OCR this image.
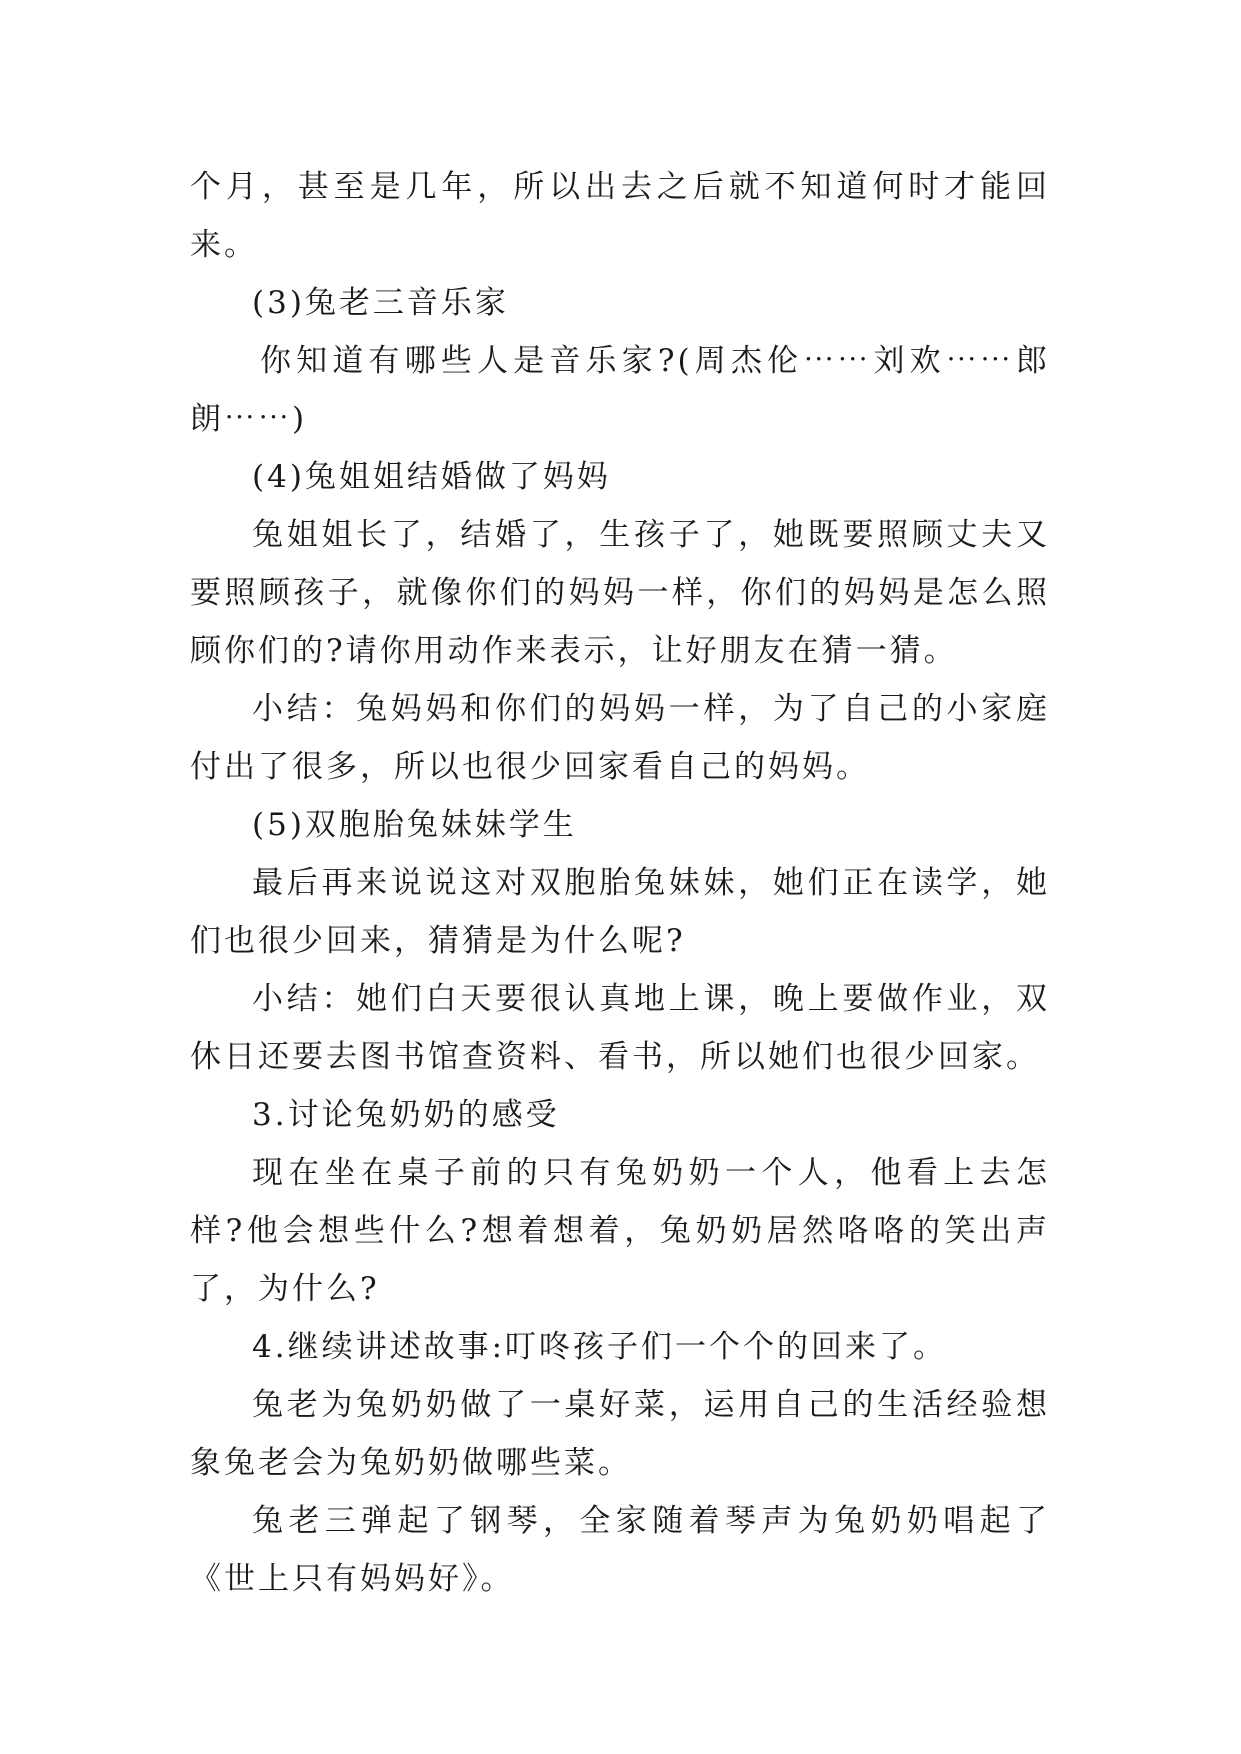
个月，甚至是几年，所以出去之后就不知道何时才能回来。

(3)兔老三音乐家

你知道有哪些人是音乐家?(周杰伦⋯⋯刘欢⋯⋯郎朗⋯⋯)

(4)兔姐姐结婚做了妈妈

兔姐姐长了，结婚了，生孩子了，她既要照顾丈夫又要照顾孩子，就像你们的妈妈一样，你们的妈妈是怎么照顾你们的?请你用动作来表示，让好朋友在猜一猜。

小结：兔妈妈和你们的妈妈一样，为了自己的小家庭付出了很多，所以也很少回家看自己的妈妈。

(5)双胞胎兔妹妹学生

最后再来说说这对双胞胎兔妹妹，她们正在读学，她们也很少回来，猜猜是为什么呢?

小结：她们白天要很认真地上课，晚上要做作业，双休日还要去图书馆查资料、看书，所以她们也很少回家。

3.讨论兔奶奶的感受

现在坐在桌子前的只有兔奶奶一个人，他看上去怎样?他会想些什么?想着想着，兔奶奶居然咯咯的笑出声了，为什么?

4.继续讲述故事:叮咚孩子们一个个的回来了。

兔老为兔奶奶做了一桌好菜，运用自己的生活经验想象兔老会为兔奶奶做哪些菜。

兔老三弹起了钢琴，全家随着琴声为兔奶奶唱起了《世上只有妈妈好》。
